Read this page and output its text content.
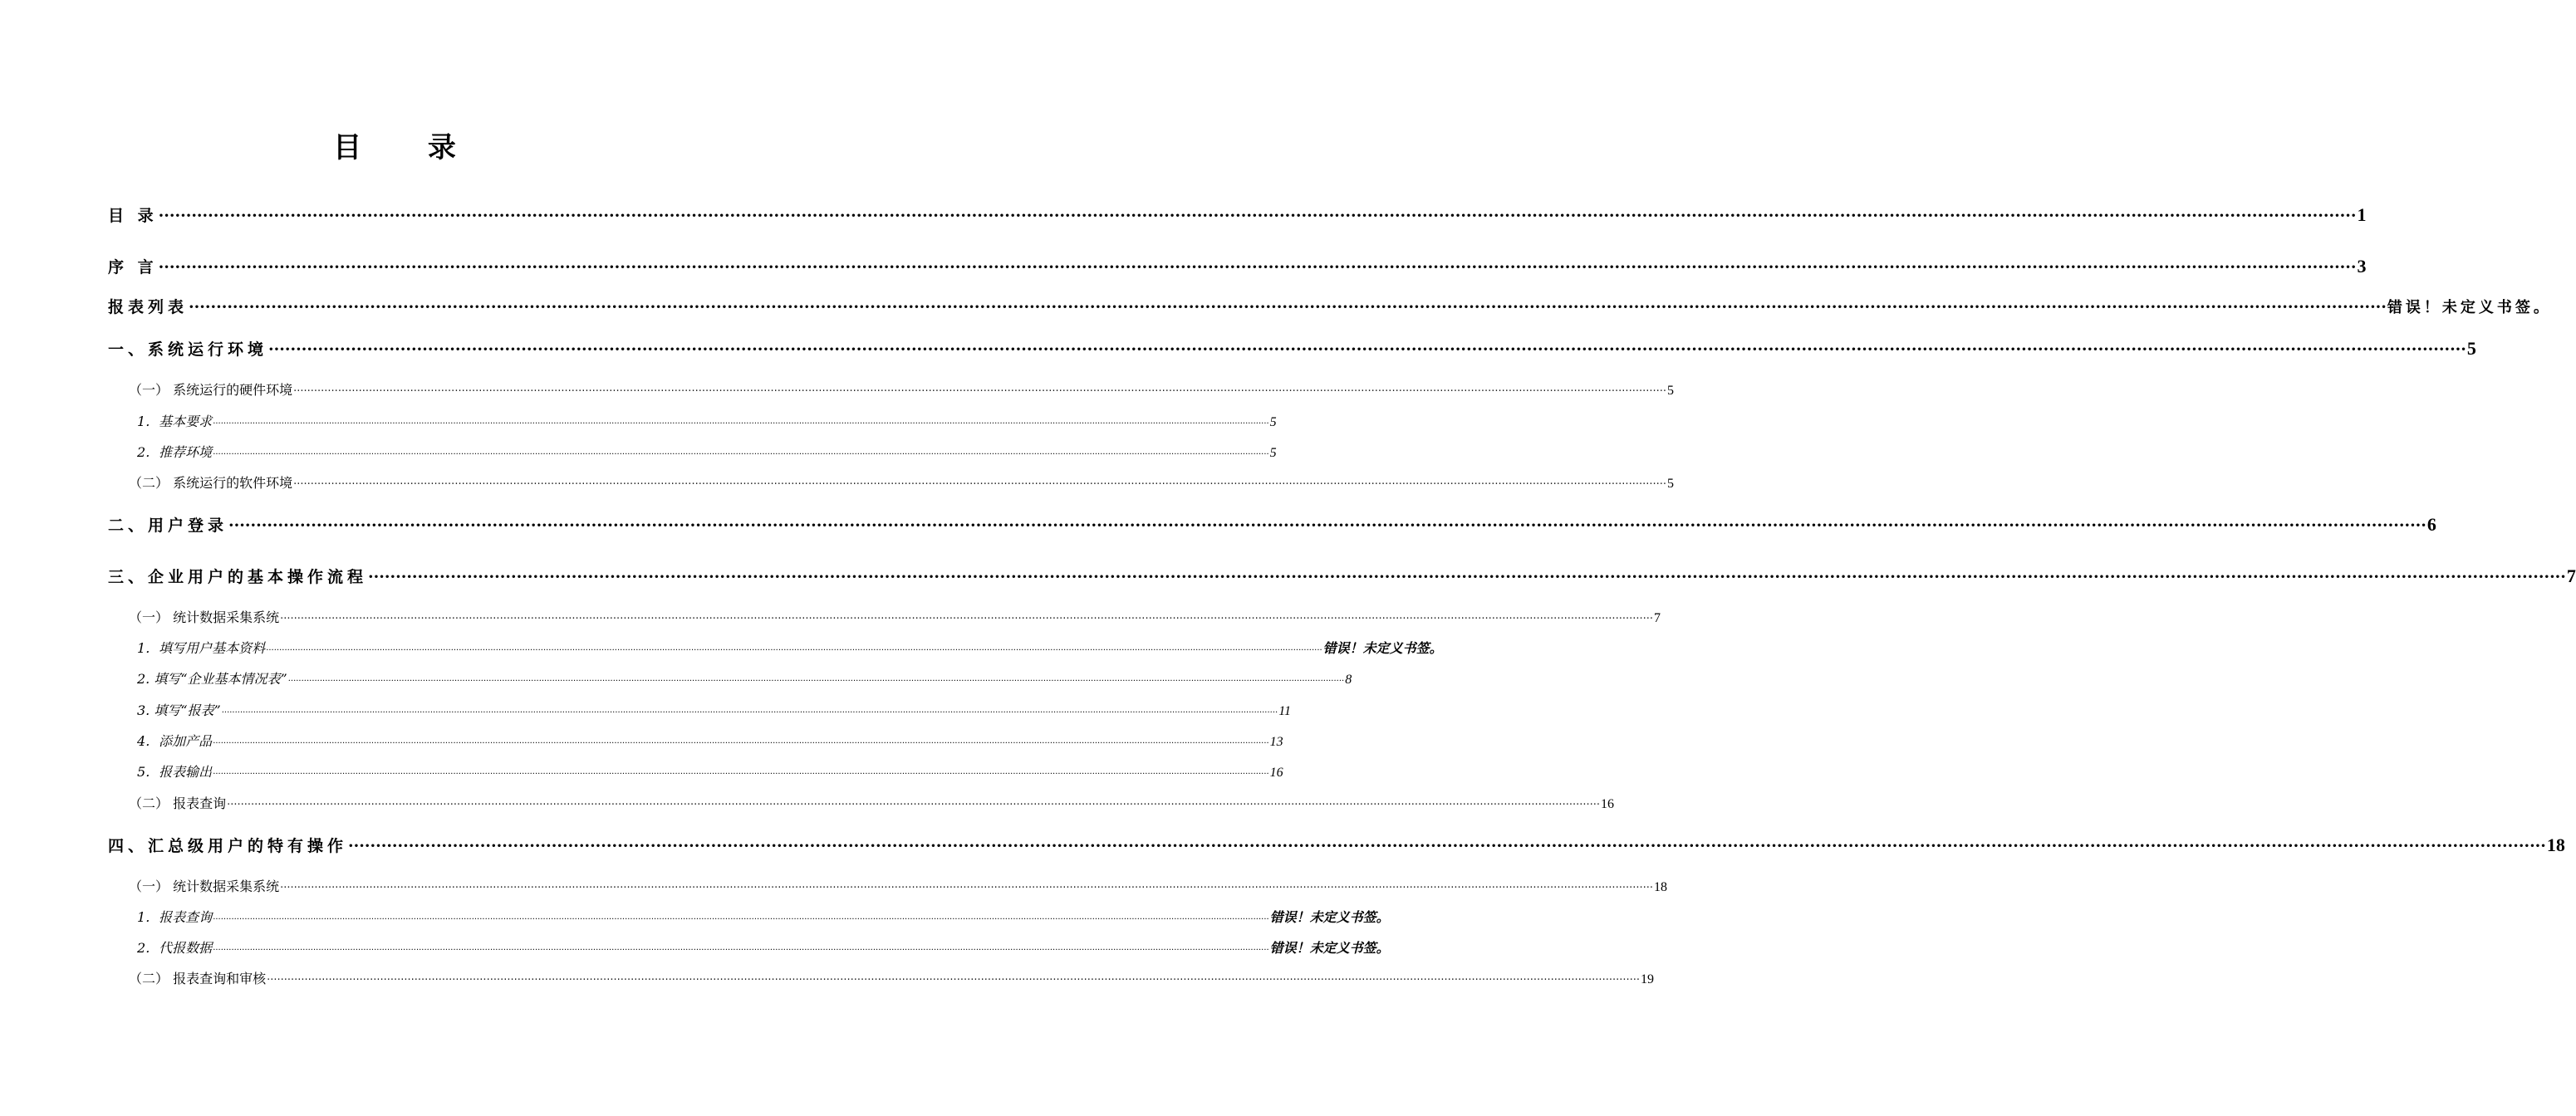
目 录
目 录 ················································································································································································································································································································································································································ 1
序 言 ················································································································································································································································································································································································································ 3
报表列表 ················································································································································································································································································································································································································ 错误！未定义书签。
一、系统运行环境 ················································································································································································································································································································································································································ 5
（一） 系统运行的硬件环境 ················································································································································································································································································································································································································ 5
1．基本要求 ················································································································································································································································································································································································································ 5
2．推荐环境 ················································································································································································································································································································································································································ 5
（二） 系统运行的软件环境 ················································································································································································································································································································································································································ 5
二、用户登录 ················································································································································································································································································································································································································ 6
三、企业用户的基本操作流程 ················································································································································································································································································································································································································ 7
（一） 统计数据采集系统 ················································································································································································································································································································································································································ 7
1．填写用户基本资料 ················································································································································································································································································································································································································ 错误！未定义书签。
2. 填写“企业基本情况表” ················································································································································································································································································································································································································ 8
3. 填写“报表” ················································································································································································································································································································································································································ 11
4．添加产品 ················································································································································································································································································································································································································ 13
5．报表输出 ················································································································································································································································································································································································································ 16
（二） 报表查询 ················································································································································································································································································································································································································ 16
四、汇总级用户的特有操作 ················································································································································································································································································································································································································ 18
（一） 统计数据采集系统 ················································································································································································································································································································································································································ 18
1．报表查询 ················································································································································································································································································································································································································ 错误！未定义书签。
2．代报数据 ················································································································································································································································································································································································································ 错误！未定义书签。
（二） 报表查询和审核 ················································································································································································································································································································································································································ 19
